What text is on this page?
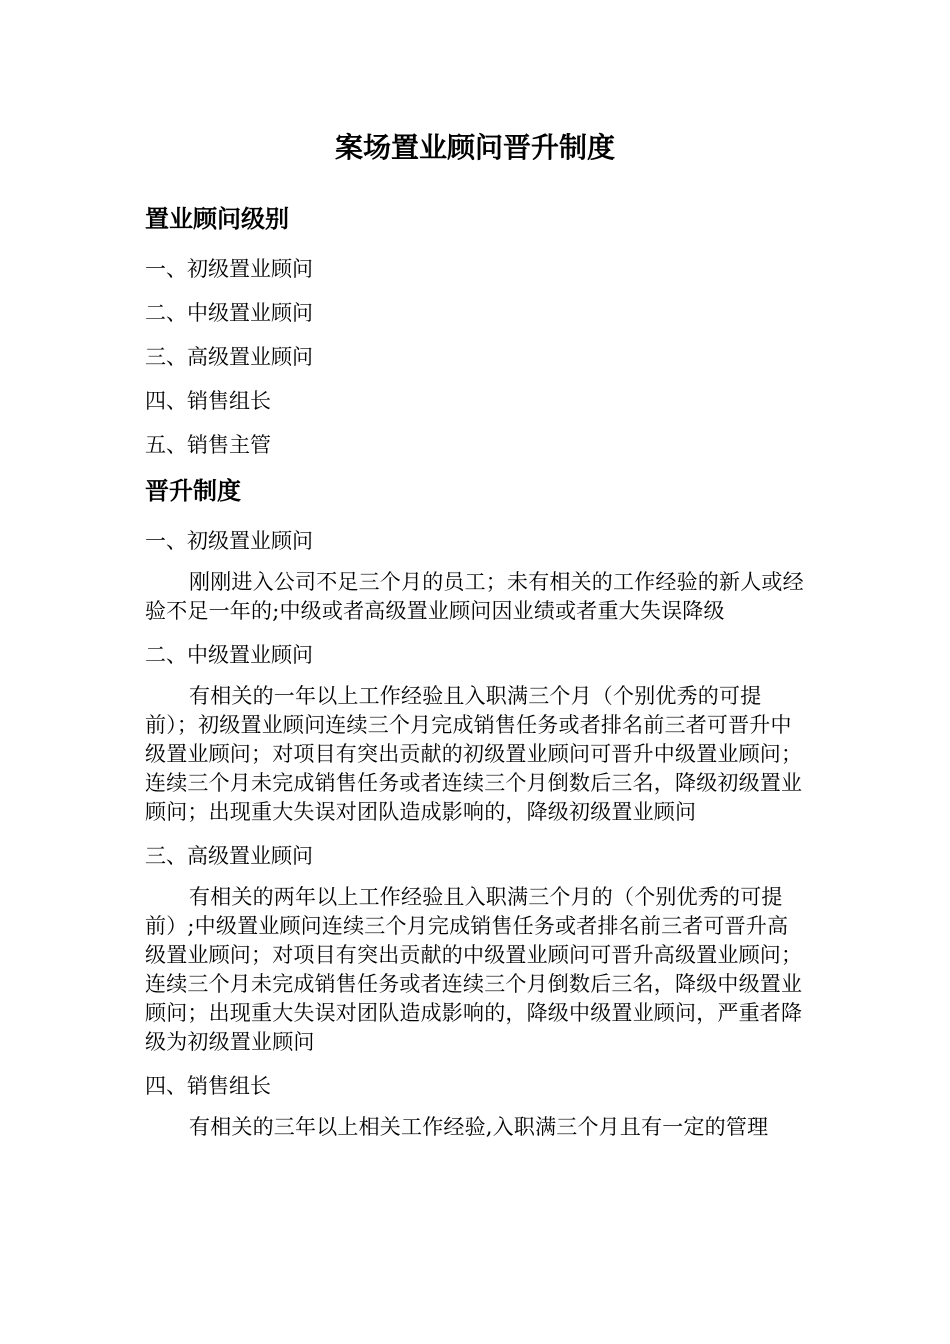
案场置业顾问晋升制度
置业顾问级别
一、初级置业顾问
二、中级置业顾问
三、高级置业顾问
四、销售组长
五、销售主管
晋升制度
一、初级置业顾问

刚刚进入公司不足三个月的员工；未有相关的工作经验的新人或经验不足一年的;中级或者高级置业顾问因业绩或者重大失误降级

二、中级置业顾问

有相关的一年以上工作经验且入职满三个月（个别优秀的可提前）；初级置业顾问连续三个月完成销售任务或者排名前三者可晋升中级置业顾问；对项目有突出贡献的初级置业顾问可晋升中级置业顾问；连续三个月未完成销售任务或者连续三个月倒数后三名，降级初级置业顾问；出现重大失误对团队造成影响的，降级初级置业顾问

三、高级置业顾问

有相关的两年以上工作经验且入职满三个月的（个别优秀的可提前）;中级置业顾问连续三个月完成销售任务或者排名前三者可晋升高级置业顾问；对项目有突出贡献的中级置业顾问可晋升高级置业顾问；连续三个月未完成销售任务或者连续三个月倒数后三名，降级中级置业顾问；出现重大失误对团队造成影响的，降级中级置业顾问，严重者降级为初级置业顾问

四、销售组长

有相关的三年以上相关工作经验,入职满三个月且有一定的管理
